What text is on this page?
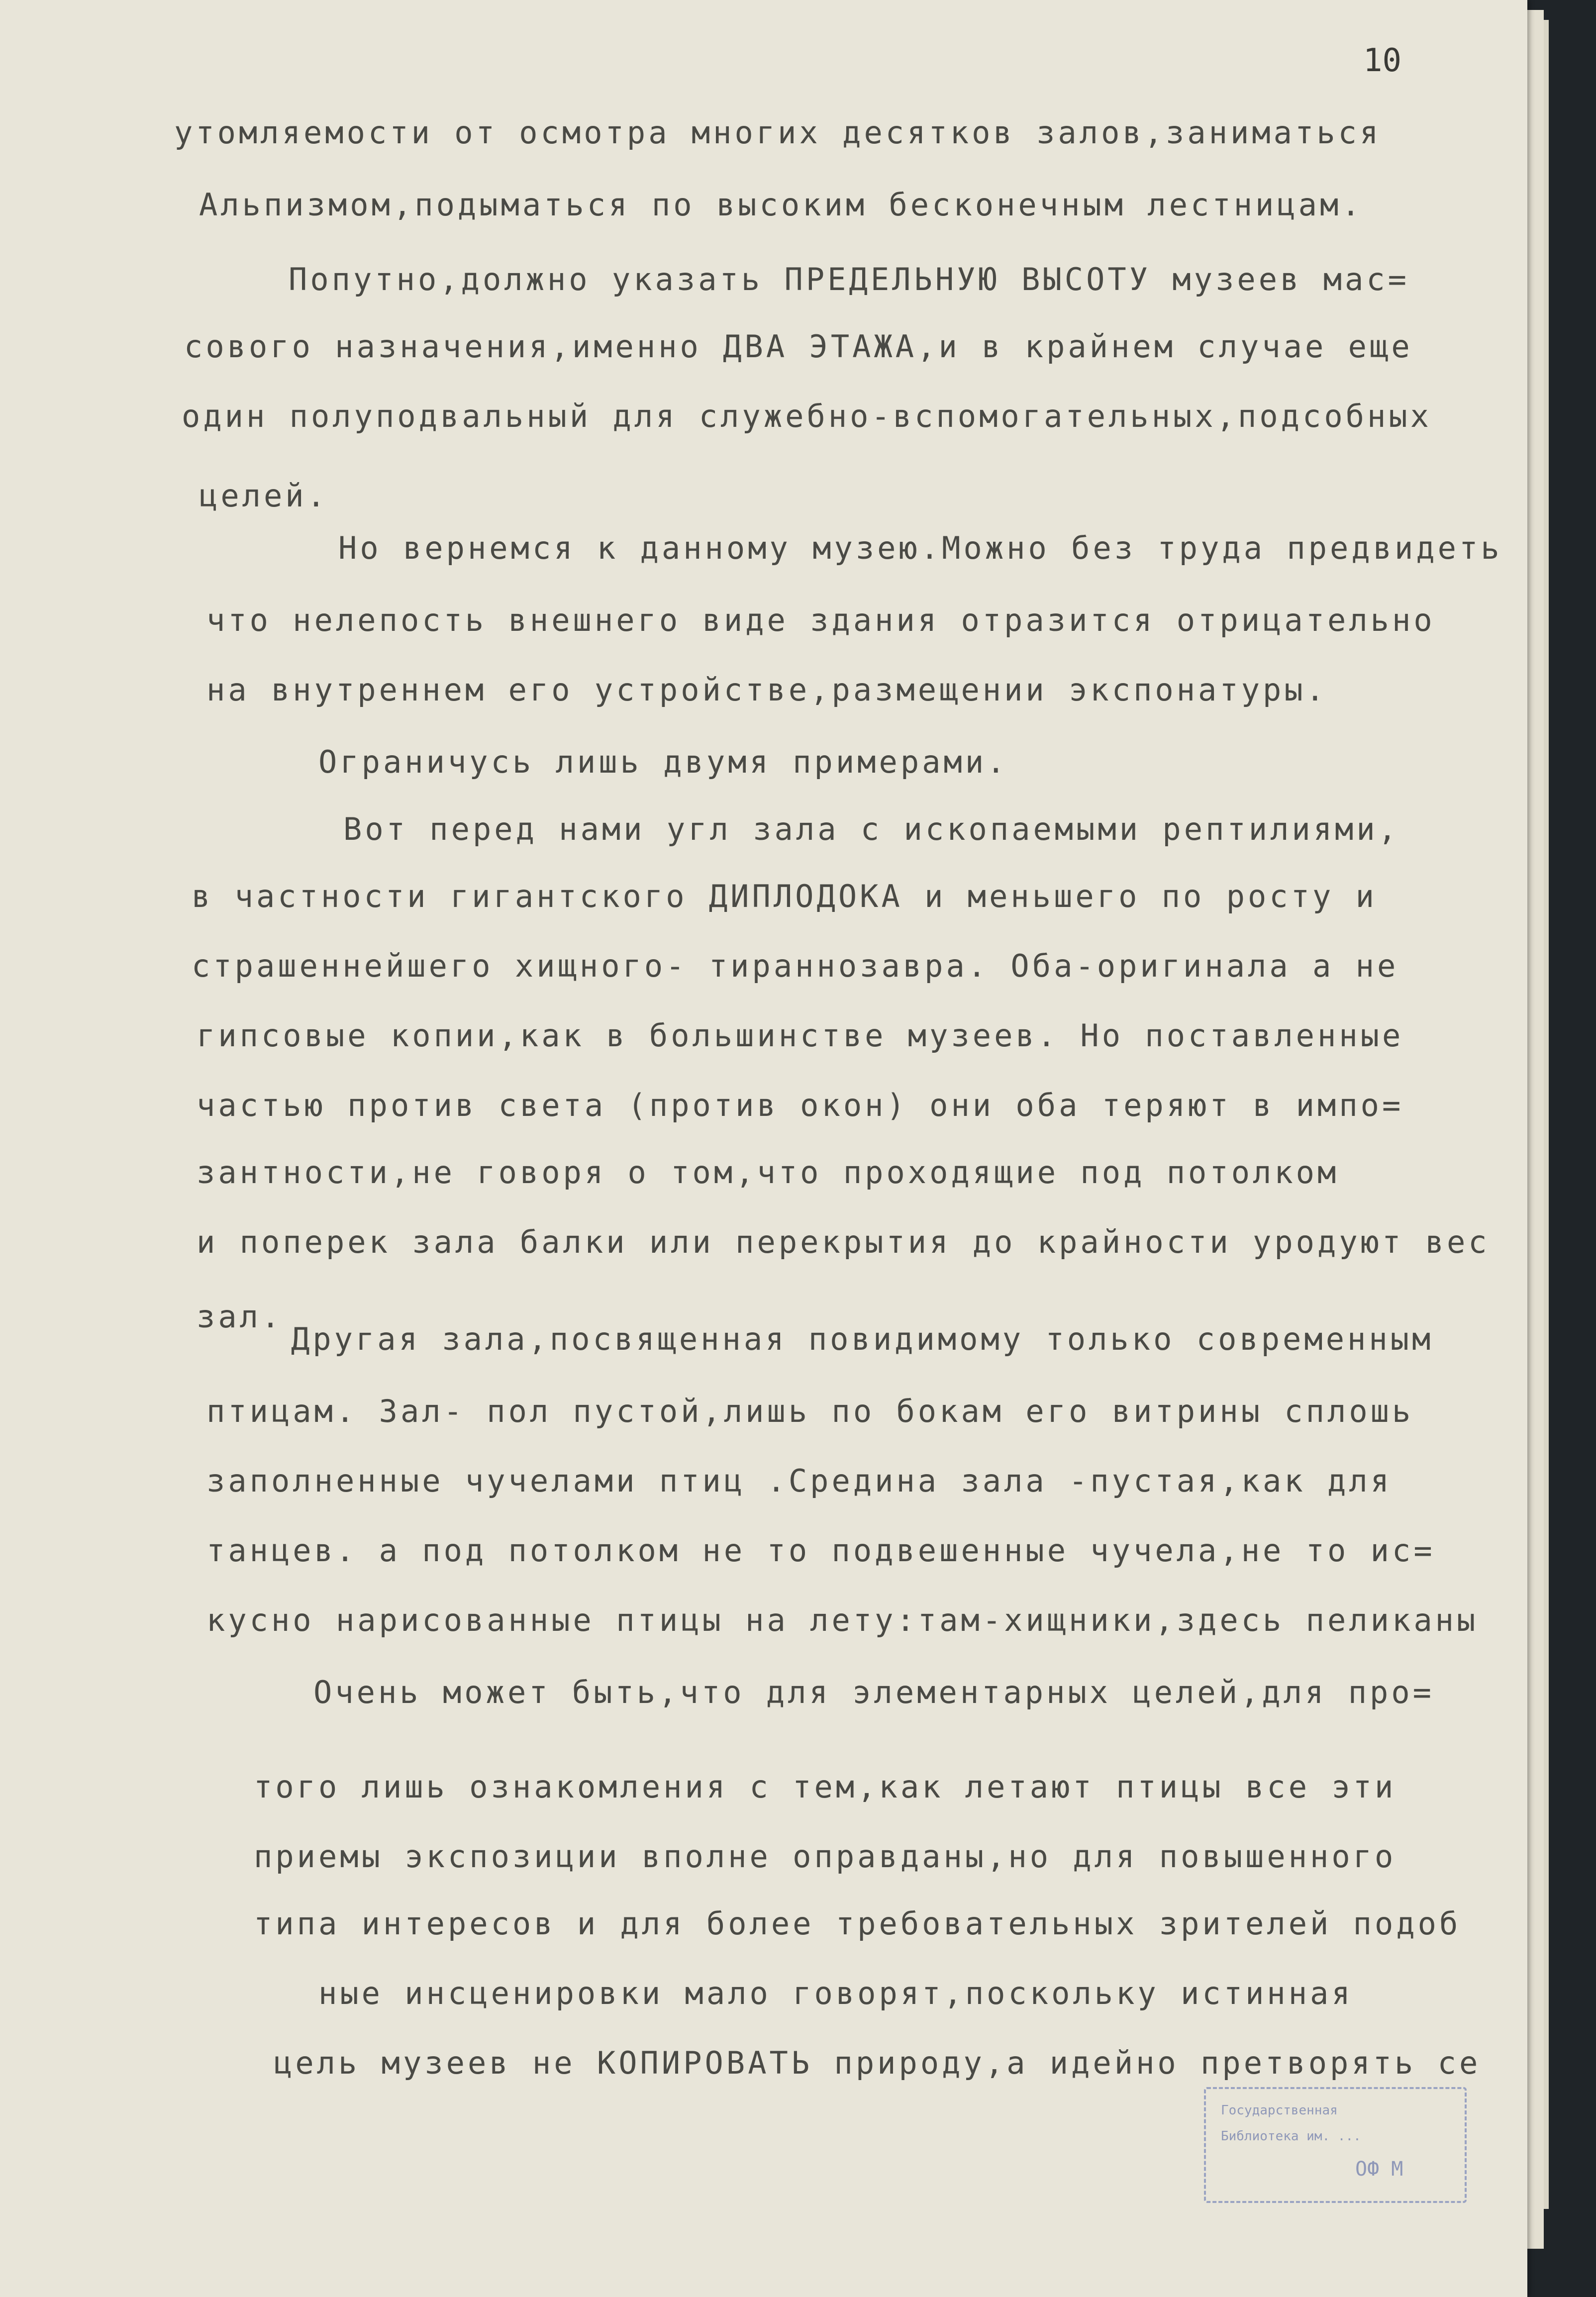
10
утомляемости от осмотра многих десятков залов,заниматься
Альпизмом,подыматься по высоким бесконечным лестницам.
Попутно,должно указать ПРЕДЕЛЬНУЮ ВЫСОТУ музеев мас=
сового назначения,именно ДВА ЭТАЖА,и в крайнем случае еще
один полуподвальный для служебно-вспомогательных,подсобных
целей.
Но вернемся к данному музею.Можно без труда предвидеть
что нелепость внешнего виде здания отразится отрицательно
на внутреннем его устройстве,размещении экспонатуры.
Ограничусь лишь двумя примерами.
Вот перед нами угл зала с ископаемыми рептилиями,
в частности гигантского ДИПЛОДОКА и меньшего по росту и
страшеннейшего хищного- тираннозавра. Оба-оригинала а не
гипсовые копии,как в большинстве музеев. Но поставленные
частью против света (против окон) они оба теряют в импо=
зантности,не говоря о том,что проходящие под потолком
и поперек зала балки или перекрытия до крайности уродуют вес
зал.
Другая зала,посвященная повидимому только современным
птицам. Зал- пол пустой,лишь по бокам его витрины сплошь
заполненные чучелами птиц .Средина зала -пустая,как для
танцев. а под потолком не то подвешенные чучела,не то ис=
кусно нарисованные птицы на лету:там-хищники,здесь пеликаны
Очень может быть,что для элементарных целей,для про=
того лишь ознакомления с тем,как летают птицы все эти
приемы экспозиции вполне оправданы,но для повышенного
типа интересов и для более требовательных зрителей подоб
ные инсценировки мало говорят,поскольку истинная
цель музеев не КОПИРОВАТЬ природу,а идейно претворять се
Государственная
Библиотека им. ...
ОФ М
